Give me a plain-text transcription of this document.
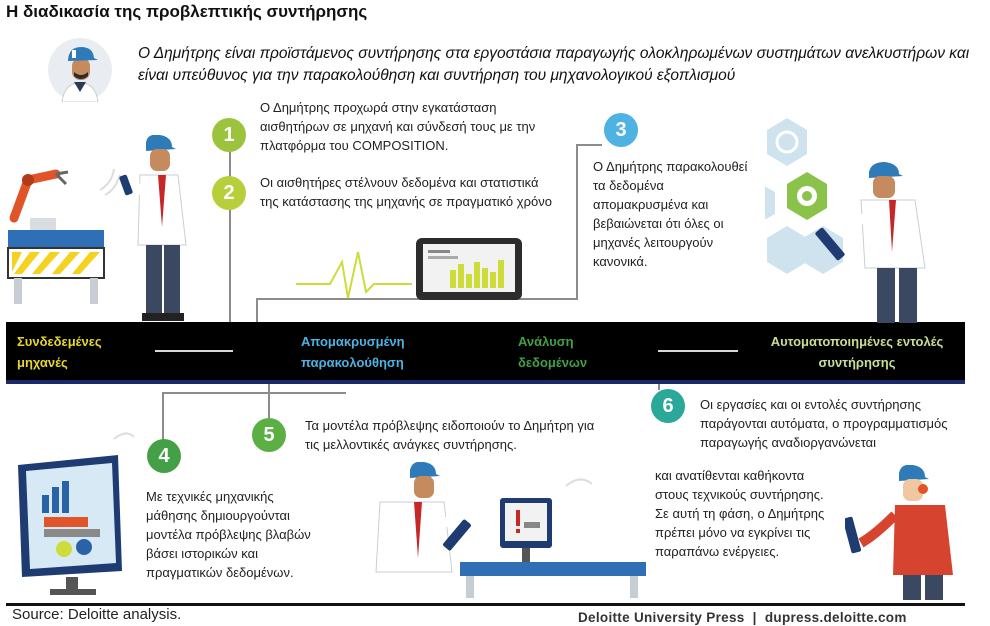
Η διαδικασία της προβλεπτικής συντήρησης
Ο Δημήτρης είναι προϊστάμενος συντήρησης στα εργοστάσια παραγωγής ολοκληρωμένων συστημάτων ανελκυστήρων και είναι υπεύθυνος για την παρακολούθηση και συντήρηση του μηχανολογικού εξοπλισμού
1
2
3
4
5
6
Ο Δημήτρης προχωρά στην εγκατάσταση αισθητήρων σε μηχανή και σύνδεσή τους με την πλατφόρμα του COMPOSITION.
Οι αισθητήρες στέλνουν δεδομένα και στατιστικά της κατάστασης της μηχανής σε πραγματικό χρόνο
Ο Δημήτρης παρακολουθεί τα δεδομένα απομακρυσμένα και βεβαιώνεται ότι όλες οι μηχανές λειτουργούν κανονικά.
Με τεχνικές μηχανικής μάθησης δημιουργούνται μοντέλα πρόβλεψης βλαβών βάσει ιστορικών και πραγματικών δεδομένων.
Τα μοντέλα πρόβλεψης ειδοποιούν το Δημήτρη για τις μελλοντικές ανάγκες συντήρησης.
Οι εργασίες και οι εντολές συντήρησης παράγονται αυτόματα, ο προγραμματισμός παραγωγής αναδιοργανώνεται
και ανατίθενται καθήκοντα στους τεχνικούς συντήρησης. Σε αυτή τη φάση, ο Δημήτρης πρέπει μόνο να εγκρίνει τις παραπάνω ενέργειες.
Συνδεδεμένες μηχανές
Απομακρυσμένη παρακολούθηση
Ανάλυση δεδομένων
Αυτοματοποιημένες εντολές συντήρησης
Source: Deloitte analysis.	Deloitte University Press  |  dupress.deloitte.com
